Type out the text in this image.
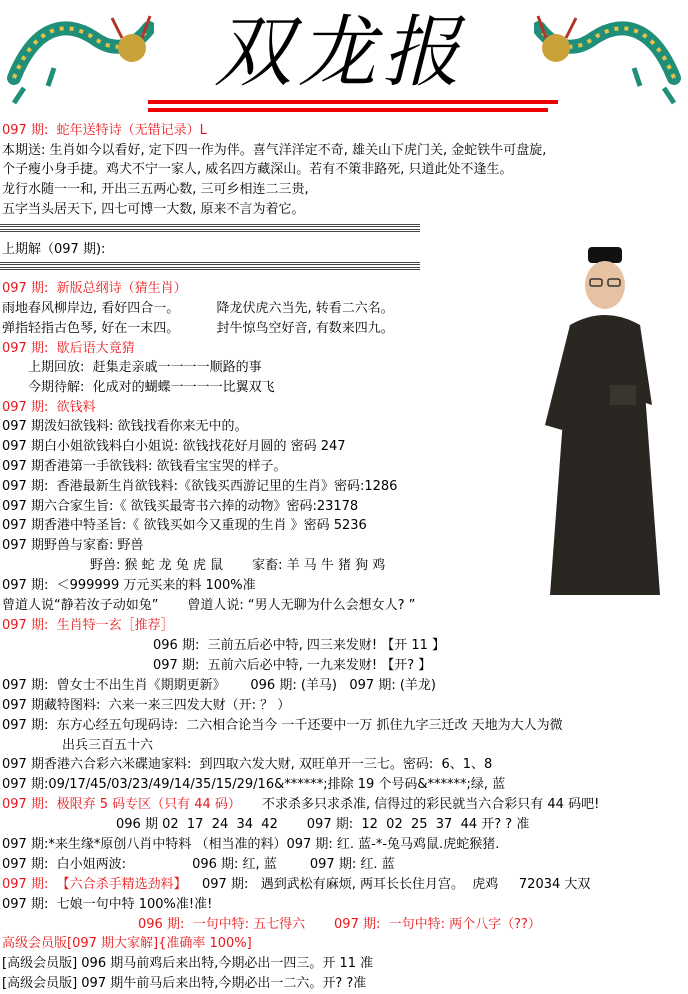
双龙报
097 期:  蛇年送特诗（无错记录）L
本期送: 生肖如今以看好, 定下四一作为伴。喜气洋洋定不奇, 雄关山下虎门关, 金蛇铁牛可盘旋,
个子瘦小身手捷。鸡犬不宁一家人, 威名四方藏深山。若有不策非路死, 只道此处不逢生。
龙行水随一一和, 开出三五两心数, 三可乡相连二三贵,
五字当头居天下, 四七可博一大数, 原来不言为着它。
上期解（097 期):
097 期:  新版总纲诗（猜生肖）
雨地春风柳岸边, 看好四合一。         降龙伏虎六当先, 转看二六名。
弹指轻指古色琴, 好在一末四。         封牛惊鸟空好音, 有数来四九。
097 期:  歇后语大竟猜
上期回放:  赶集走亲戚一一一一顺路的事
今期待解:  化成对的蝴蝶一一一一比翼双飞
097 期:  欲钱料
097 期泼妇欲钱料: 欲钱找看你来无中的。
097 期白小姐欲钱料白小姐说: 欲钱找花好月圆的 密码 247
097 期香港第一手欲钱料: 欲钱看宝宝哭的样子。
097 期:  香港最新生肖欲钱料:《欲钱买西游记里的生肖》密码:1286
097 期六合家生旨:《 欲钱买最寄书六捧的动物》密码:23178
097 期香港中特圣旨:《 欲钱买如今又重现的生肖 》密码 5236
097 期野兽与家畜: 野兽
野兽: 猴 蛇 龙 兔 虎 鼠       家畜: 羊 马 牛 猪 狗 鸡
097 期:  ＜999999 万元买来的料 100%准
曾道人说“静若汝子动如兔”       曾道人说: “男人无聊为什么会想女人? ”
097 期:  生肖特一玄［推荐］
096 期:  三前五后必中特, 四三来发财! 【开 11 】
097 期:  五前六后必中特, 一九来发财! 【开? 】
097 期:  曾女士不出生肖《期期更新》      096 期: (羊马)   097 期: (羊龙)
097 期藏特图料:  六来一来三四发大财（开: ？ ）
097 期:  东方心经五句现码诗:  二六相合论当今 一千还要中一万 抓住九字三迁改 天地为大人为微
出兵三百五十六
097 期香港六合彩六米碟迪家料:  到四取六发大财, 双旺单开一三七。密码:  6、1、8
097 期:09/17/45/03/23/49/14/35/15/29/16&******;排除 19 个号码&******;绿, 蓝
097 期:  极限弃 5 码专区（只有 44 码） 不求杀多只求杀准, 信得过的彩民就当六合彩只有 44 码吧!
096 期 02  17  24  34  42       097 期:  12  02  25  37  44 开? ? 准
097 期:*来生缘*原创八肖中特料 （相当准的料）097 期: 红. 蓝-*-兔马鸡鼠.虎蛇猴猪.
097 期:  白小姐两波:                096 期: 红, 蓝        097 期: 红. 蓝
097 期:  【六合杀手精选劲料】 097 期:   遇到武松有麻烦, 两耳长长住月宫。  虎鸡     72034 大双
097 期:  七娘一句中特 100%准!准!
096 期:  一句中特: 五七得六       097 期:  一句中特: 两个八字（??）
高级会员版[097 期大家解]{准确率 100%]
[高级会员版] 096 期马前鸡后来出特,今期必出一四三。开 11 准
[高级会员版] 097 期牛前马后来出特,今期必出一二六。开? ?准
